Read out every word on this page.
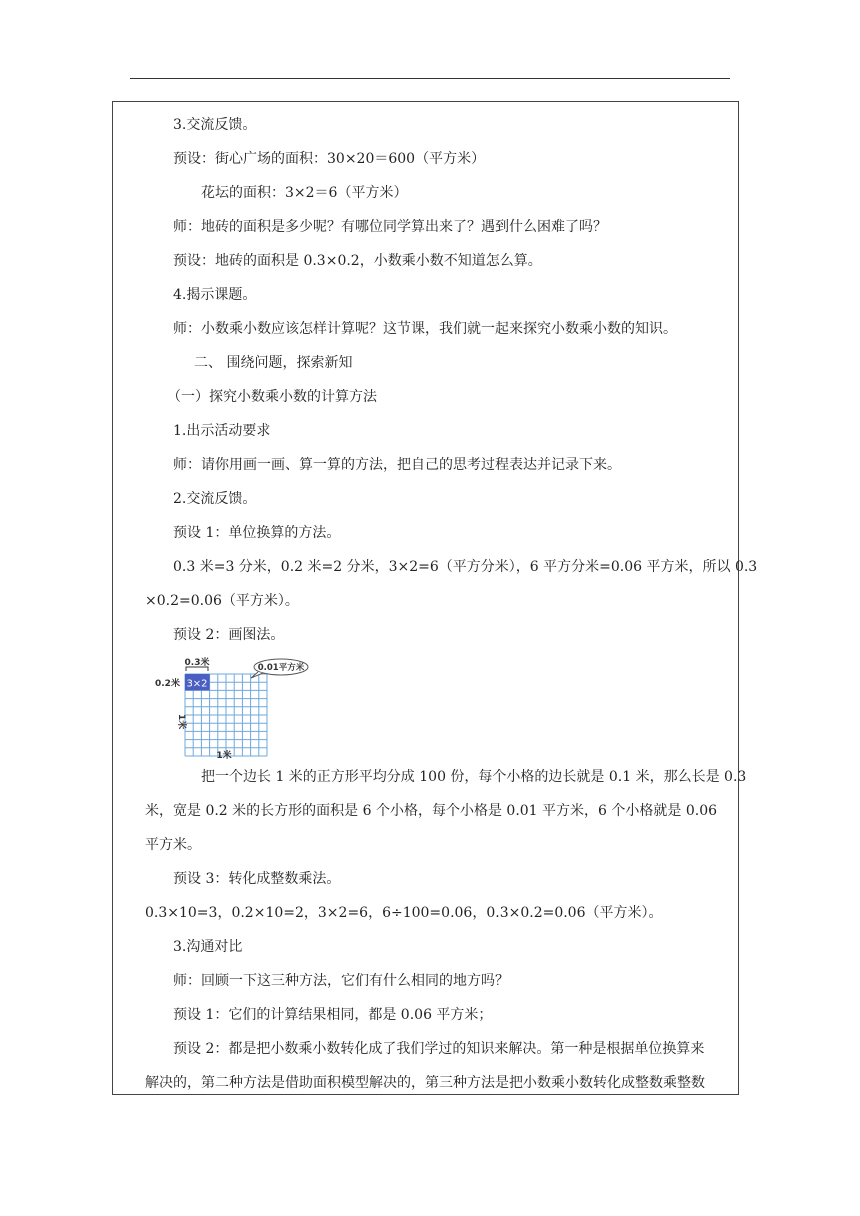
3.交流反馈。

预设：街心广场的面积：30×20＝600（平方米）

花坛的面积：3×2＝6（平方米）

师：地砖的面积是多少呢？有哪位同学算出来了？遇到什么困难了吗？

预设：地砖的面积是 0.3×0.2，小数乘小数不知道怎么算。

4.揭示课题。

师：小数乘小数应该怎样计算呢？这节课，我们就一起来探究小数乘小数的知识。

二、 围绕问题，探索新知

（一）探究小数乘小数的计算方法

1.出示活动要求

师：请你用画一画、算一算的方法，把自己的思考过程表达并记录下来。

2.交流反馈。

预设 1：单位换算的方法。

0.3 米=3 分米，0.2 米=2 分米，3×2=6（平方分米），6 平方分米=0.06 平方米，所以 0.3

×0.2=0.06（平方米）。

预设 2：画图法。

3×2
0.3米
0.2米
1米
1米
0.01平方米

把一个边长 1 米的正方形平均分成 100 份，每个小格的边长就是 0.1 米，那么长是 0.3
米，宽是 0.2 米的长方形的面积是 6 个小格，每个小格是 0.01 平方米，6 个小格就是 0.06
平方米。

预设 3：转化成整数乘法。

0.3×10=3，0.2×10=2，3×2=6，6÷100=0.06，0.3×0.2=0.06（平方米）。

3.沟通对比

师：回顾一下这三种方法，它们有什么相同的地方吗？

预设 1：它们的计算结果相同，都是 0.06 平方米；

预设 2：都是把小数乘小数转化成了我们学过的知识来解决。第一种是根据单位换算来

解决的，第二种方法是借助面积模型解决的，第三种方法是把小数乘小数转化成整数乘整数
